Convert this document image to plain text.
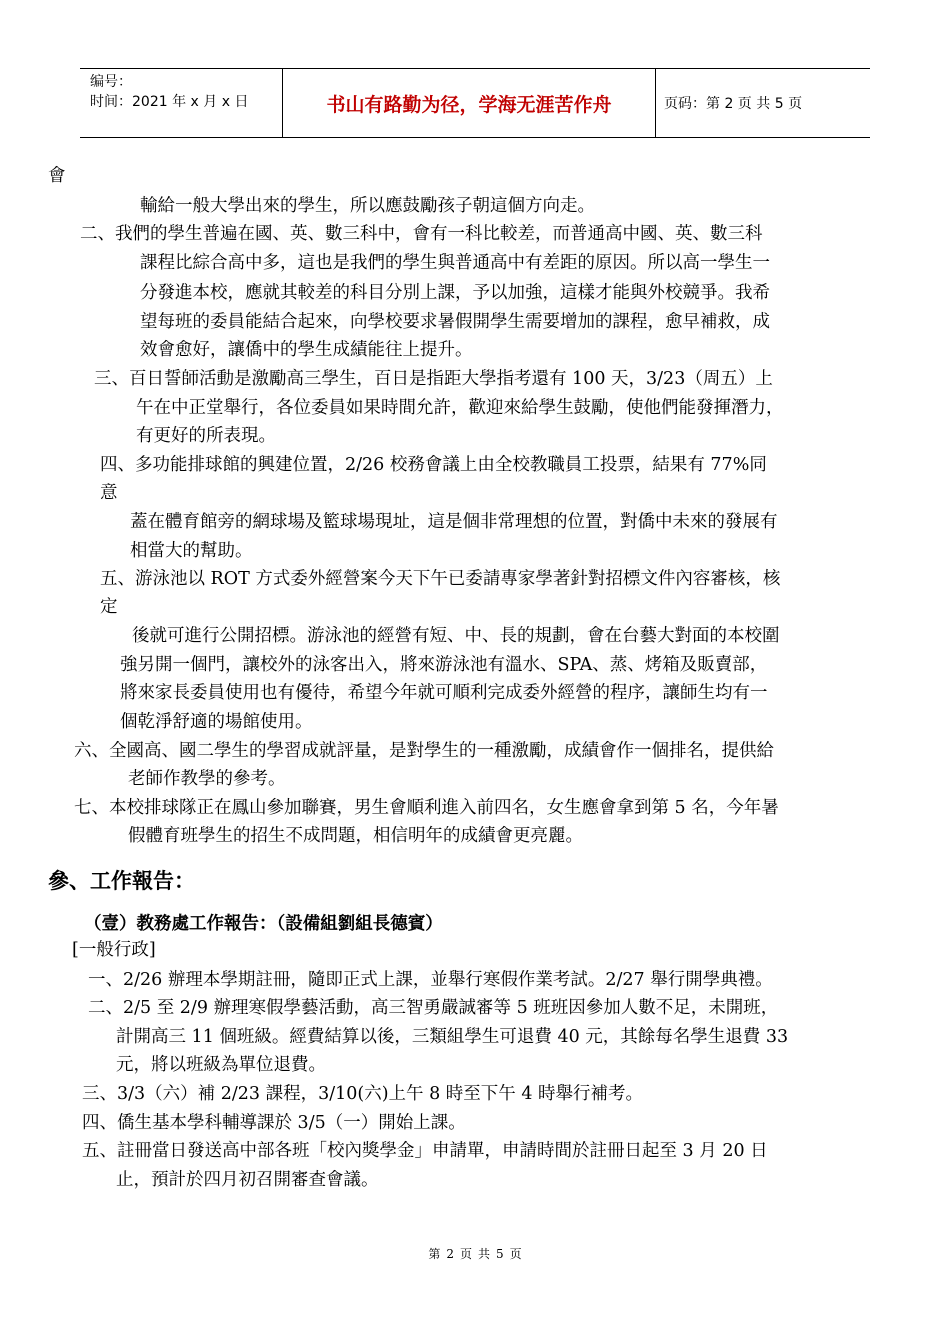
编号：
时间：2021 年 x 月 x 日	书山有路勤为径，学海无涯苦作舟	页码：第 2 页 共 5 页
會
輸給一般大學出來的學生，所以應鼓勵孩子朝這個方向走。
二、我們的學生普遍在國、英、數三科中，會有一科比較差，而普通高中國、英、數三科
課程比綜合高中多，這也是我們的學生與普通高中有差距的原因。所以高一學生一
分發進本校，應就其較差的科目分別上課，予以加強，這樣才能與外校競爭。我希
望每班的委員能結合起來，向學校要求暑假開學生需要增加的課程，愈早補救，成
效會愈好，讓僑中的學生成績能往上提升。
三、百日誓師活動是激勵高三學生，百日是指距大學指考還有 100 天，3/23（周五）上
午在中正堂舉行，各位委員如果時間允許，歡迎來給學生鼓勵，使他們能發揮潛力，
有更好的所表現。
四、多功能排球館的興建位置，2/26 校務會議上由全校教職員工投票，結果有 77%同
意
蓋在體育館旁的網球場及籃球場現址，這是個非常理想的位置，對僑中未來的發展有
相當大的幫助。
五、游泳池以 ROT 方式委外經營案今天下午已委請專家學著針對招標文件內容審核，核
定
後就可進行公開招標。游泳池的經營有短、中、長的規劃，會在台藝大對面的本校圍
強另開一個門，讓校外的泳客出入，將來游泳池有溫水、SPA、蒸、烤箱及販賣部，
將來家長委員使用也有優待，希望今年就可順利完成委外經營的程序，讓師生均有一
個乾淨舒適的場館使用。
六、全國高、國二學生的學習成就評量，是對學生的一種激勵，成績會作一個排名，提供給
老師作教學的參考。
七、本校排球隊正在鳳山參加聯賽，男生會順利進入前四名，女生應會拿到第 5 名，今年暑
假體育班學生的招生不成問題，相信明年的成績會更亮麗。
參、工作報告：
（壹）教務處工作報告：（設備組劉組長德賓）
[一般行政]
一、2/26 辦理本學期註冊，隨即正式上課，並舉行寒假作業考試。2/27 舉行開學典禮。
二、2/5 至 2/9 辦理寒假學藝活動，高三智勇嚴誠審等 5 班班因參加人數不足，未開班，
計開高三 11 個班級。經費結算以後，三類組學生可退費 40 元，其餘每名學生退費 33
元，將以班級為單位退費。
三、3/3（六）補 2/23 課程，3/10(六)上午 8 時至下午 4 時舉行補考。
四、僑生基本學科輔導課於 3/5（一）開始上課。
五、註冊當日發送高中部各班「校內獎學金」申請單，申請時間於註冊日起至 3 月 20 日
止，預計於四月初召開審查會議。
第 2 页 共 5 页
